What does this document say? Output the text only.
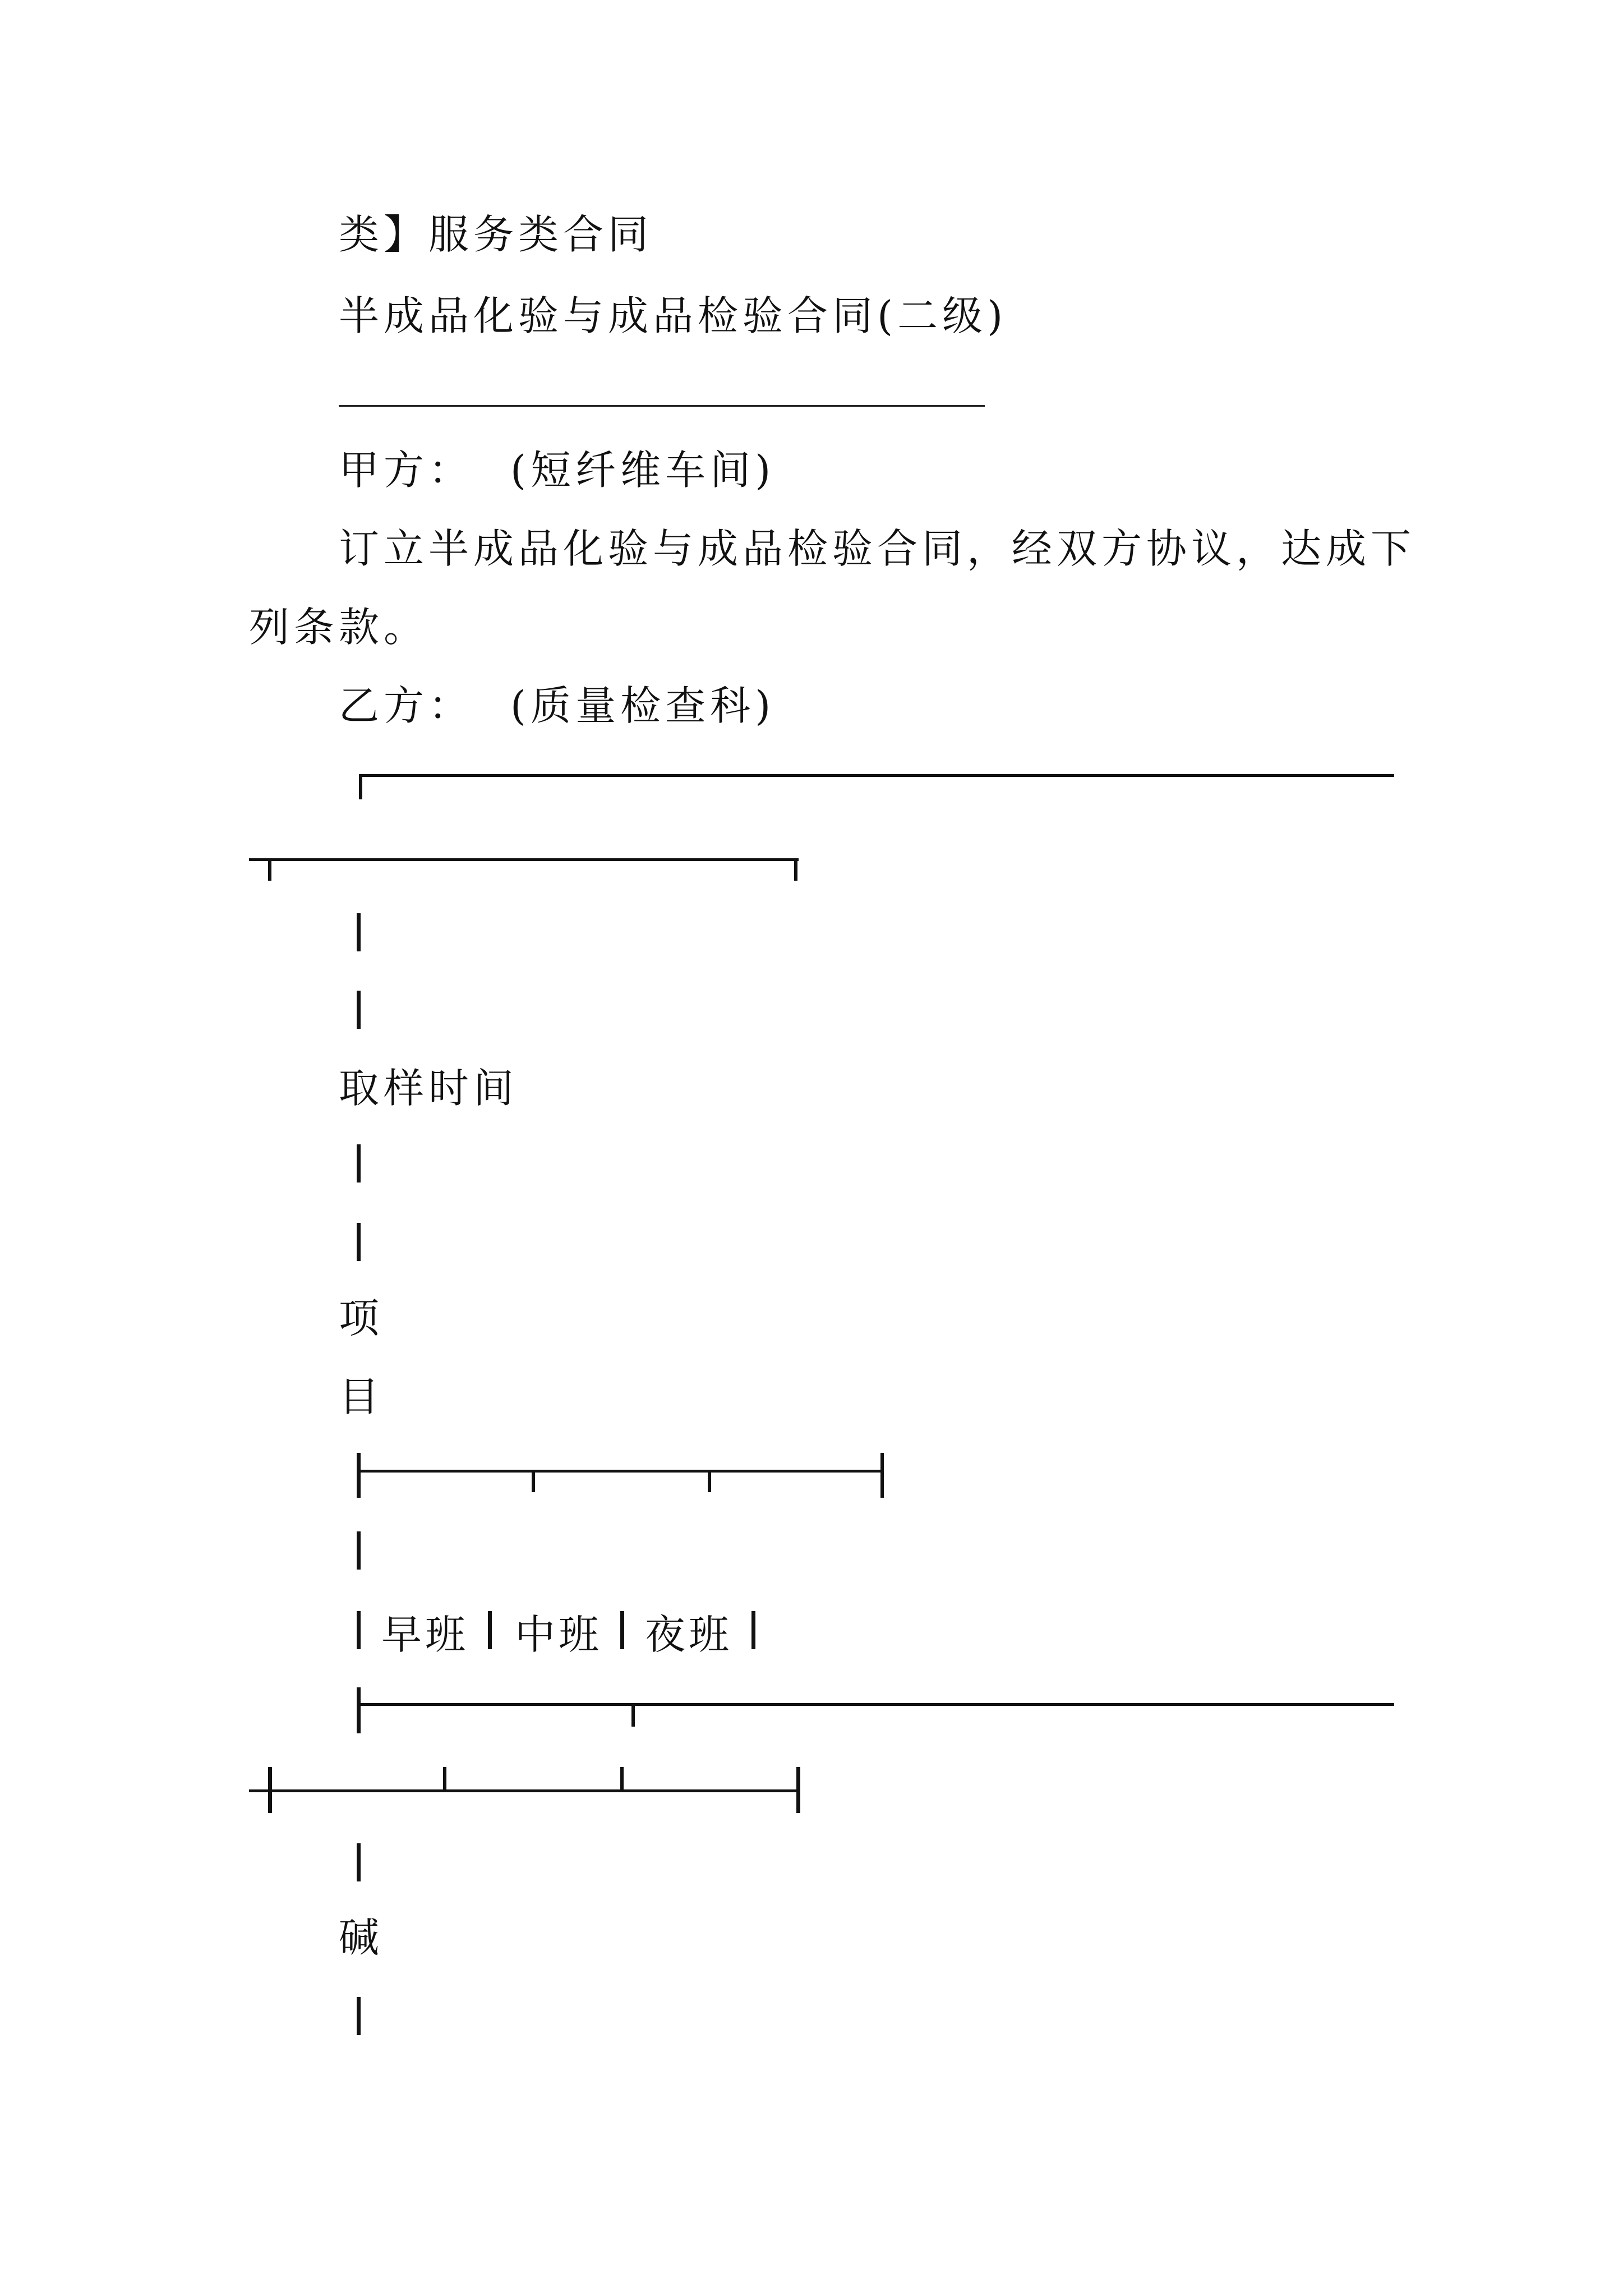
类】服务类合同
半成品化验与成品检验合同(二级)
________________________________
甲方： (短纤维车间)
订立半成品化验与成品检验合同，经双方协议，达成下
列条款。
乙方： (质量检查科)
取样时间
项
目
早班 中班 夜班
碱
